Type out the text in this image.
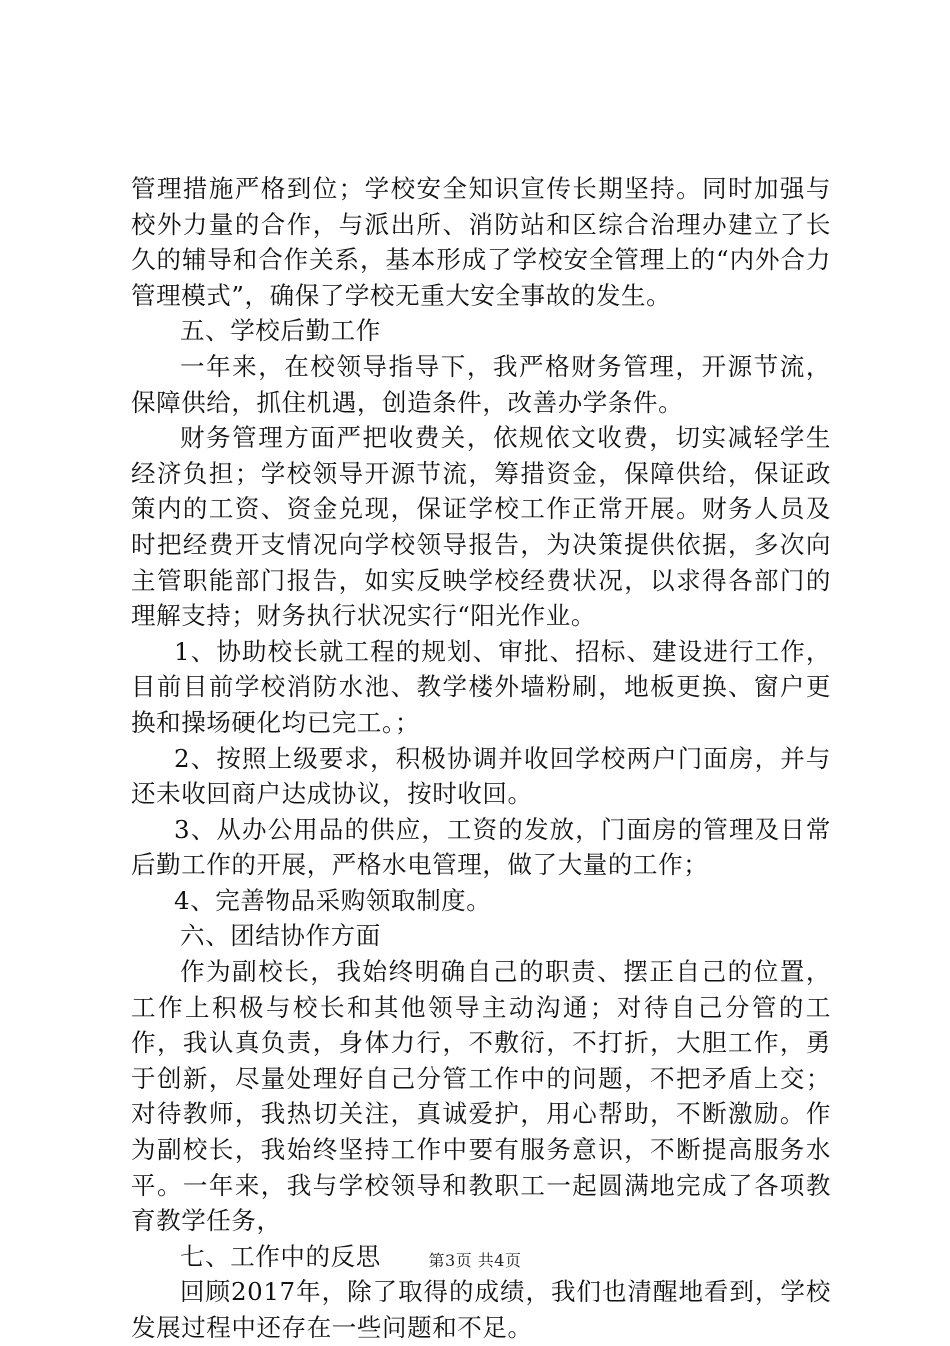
管理措施严格到位；学校安全知识宣传长期坚持。同时加强与校外力量的合作，与派出所、消防站和区综合治理办建立了长久的辅导和合作关系，基本形成了学校安全管理上的“内外合力管理模式”，确保了学校无重大安全事故的发生。

五、学校后勤工作

一年来，在校领导指导下，我严格财务管理，开源节流，保障供给，抓住机遇，创造条件，改善办学条件。

财务管理方面严把收费关，依规依文收费，切实减轻学生经济负担；学校领导开源节流，筹措资金，保障供给，保证政策内的工资、资金兑现，保证学校工作正常开展。财务人员及时把经费开支情况向学校领导报告，为决策提供依据，多次向主管职能部门报告，如实反映学校经费状况，以求得各部门的理解支持；财务执行状况实行“阳光作业。

1、协助校长就工程的规划、审批、招标、建设进行工作，目前目前学校消防水池、教学楼外墙粉刷，地板更换、窗户更换和操场硬化均已完工。；

2、按照上级要求，积极协调并收回学校两户门面房，并与还未收回商户达成协议，按时收回。

3、从办公用品的供应，工资的发放，门面房的管理及日常后勤工作的开展，严格水电管理，做了大量的工作；

4、完善物品采购领取制度。

六、团结协作方面

作为副校长，我始终明确自己的职责、摆正自己的位置，工作上积极与校长和其他领导主动沟通；对待自己分管的工作，我认真负责，身体力行，不敷衍，不打折，大胆工作，勇于创新，尽量处理好自己分管工作中的问题，不把矛盾上交；对待教师，我热切关注，真诚爱护，用心帮助，不断激励。作为副校长，我始终坚持工作中要有服务意识，不断提高服务水平。一年来，我与学校领导和教职工一起圆满地完成了各项教育教学任务，

七、工作中的反思

回顾2017年，除了取得的成绩，我们也清醒地看到，学校发展过程中还存在一些问题和不足。

第3页 共4页
